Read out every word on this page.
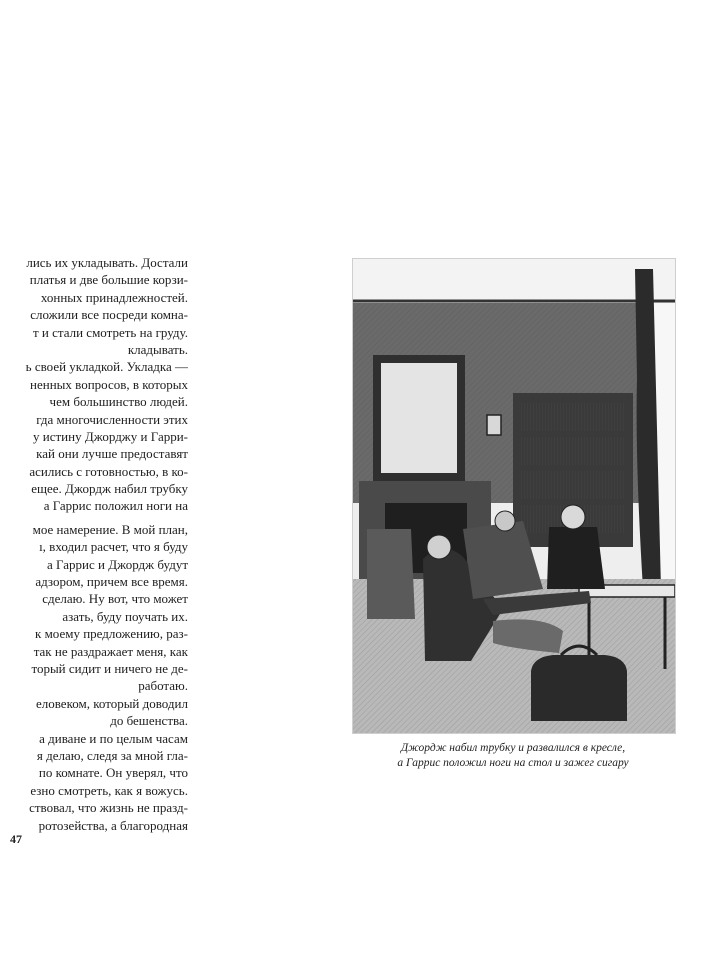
лись их укладывать. Достали
платья и две большие корзи-
хонных принадлежностей.
сложили все посреди комна-
т и стали смотреть на груду.
кладывать.
ь своей укладкой. Укладка —
ненных вопросов, в которых
чем большинство людей.
гда многочисленности этих
у истину Джорджу и Гарри-
кай они лучше предоставят
асились с готовностью, в ко-
ещее. Джордж набил трубку
а Гаррис положил ноги на
мое намерение. В мой план,
ı, входил расчет, что я буду
а Гаррис и Джордж будут
адзором, причем все время.
сделаю. Ну вот, что может
азать, буду поучать их.
к моему предложению, раз-
так не раздражает меня, как
торый сидит и ничего не де-
работаю.
еловеком, который доводил
до бешенства.
а диване и по целым часам
я делаю, следя за мной гла-
по комнате. Он уверял, что
езно смотреть, как я вожусь.
ствовал, что жизнь не празд-
ротозейства, а благородная
47
Джордж набил трубку и развалился в кресле,
а Гаррис положил ноги на стол и зажег сигару
